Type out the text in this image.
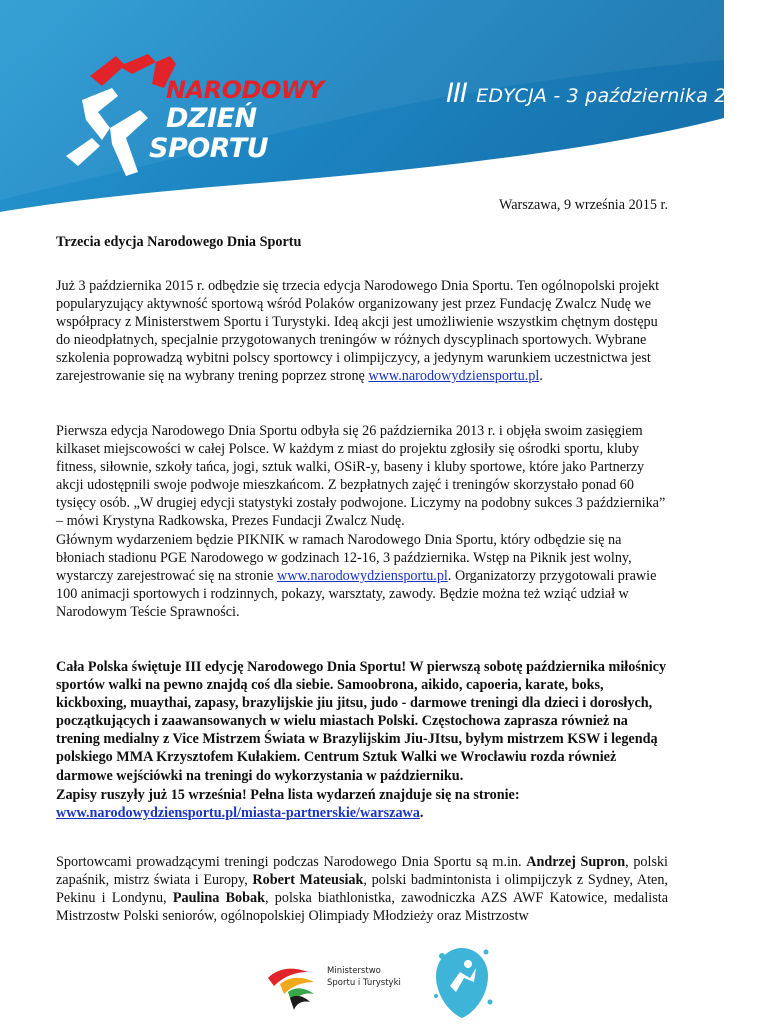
NARODOWY
DZIEŃ
SPORTU
III EDYCJA - 3 października 2015 r.
Warszawa, 9 września 2015 r.
Trzecia edycja Narodowego Dnia Sportu

Już 3 października 2015 r. odbędzie się trzecia edycja Narodowego Dnia Sportu. Ten ogólnopolski projekt popularyzujący aktywność sportową wśród Polaków organizowany jest przez Fundację Zwalcz Nudę we współpracy z Ministerstwem Sportu i Turystyki. Ideą akcji jest umożliwienie wszystkim chętnym dostępu do nieodpłatnych, specjalnie przygotowanych treningów w różnych dyscyplinach sportowych. Wybrane szkolenia poprowadzą wybitni polscy sportowcy i olimpijczycy, a jedynym warunkiem uczestnictwa jest zarejestrowanie się na wybrany trening poprzez stronę www.narodowydziensportu.pl.

Pierwsza edycja Narodowego Dnia Sportu odbyła się 26 października 2013 r. i objęła swoim zasięgiem kilkaset miejscowości w całej Polsce. W każdym z miast do projektu zgłosiły się ośrodki sportu, kluby fitness, siłownie, szkoły tańca, jogi, sztuk walki, OSiR-y, baseny i kluby sportowe, które jako Partnerzy akcji udostępnili swoje podwoje mieszkańcom. Z bezpłatnych zajęć i treningów skorzystało ponad 60 tysięcy osób. „W drugiej edycji statystyki zostały podwojone. Liczymy na podobny sukces 3 października” – mówi Krystyna Radkowska, Prezes Fundacji Zwalcz Nudę.

Głównym wydarzeniem będzie PIKNIK w ramach Narodowego Dnia Sportu, który odbędzie się na błoniach stadionu PGE Narodowego w godzinach 12-16, 3 października. Wstęp na Piknik jest wolny, wystarczy zarejestrować się na stronie www.narodowydziensportu.pl. Organizatorzy przygotowali prawie 100 animacji sportowych i rodzinnych, pokazy, warsztaty, zawody. Będzie można też wziąć udział w Narodowym Teście Sprawności.

Cała Polska świętuje III edycję Narodowego Dnia Sportu! W pierwszą sobotę października miłośnicy sportów walki na pewno znajdą coś dla siebie. Samoobrona, aikido, capoeria, karate, boks, kickboxing, muaythai, zapasy, brazylijskie jiu jitsu, judo - darmowe treningi dla dzieci i dorosłych, początkujących i zaawansowanych w wielu miastach Polski. Częstochowa zaprasza również na trening medialny z Vice Mistrzem Świata w Brazylijskim Jiu-JItsu, byłym mistrzem KSW i legendą polskiego MMA Krzysztofem Kułakiem. Centrum Sztuk Walki we Wrocławiu rozda również darmowe wejściówki na treningi do wykorzystania w październiku.

Zapisy ruszyły już 15 września! Pełna lista wydarzeń znajduje się na stronie: www.narodowydziensportu.pl/miasta-partnerskie/warszawa.

Sportowcami prowadzącymi treningi podczas Narodowego Dnia Sportu są m.in. Andrzej Supron, polski zapaśnik, mistrz świata i Europy, Robert Mateusiak, polski badmintonista i olimpijczyk z Sydney, Aten, Pekinu i Londynu, Paulina Bobak, polska biathlonistka, zawodniczka AZS AWF Katowice, medalista Mistrzostw Polski seniorów, ogólnopolskiej Olimpiady Młodzieży oraz Mistrzostw

Ministerstwo
Sportu i Turystyki
